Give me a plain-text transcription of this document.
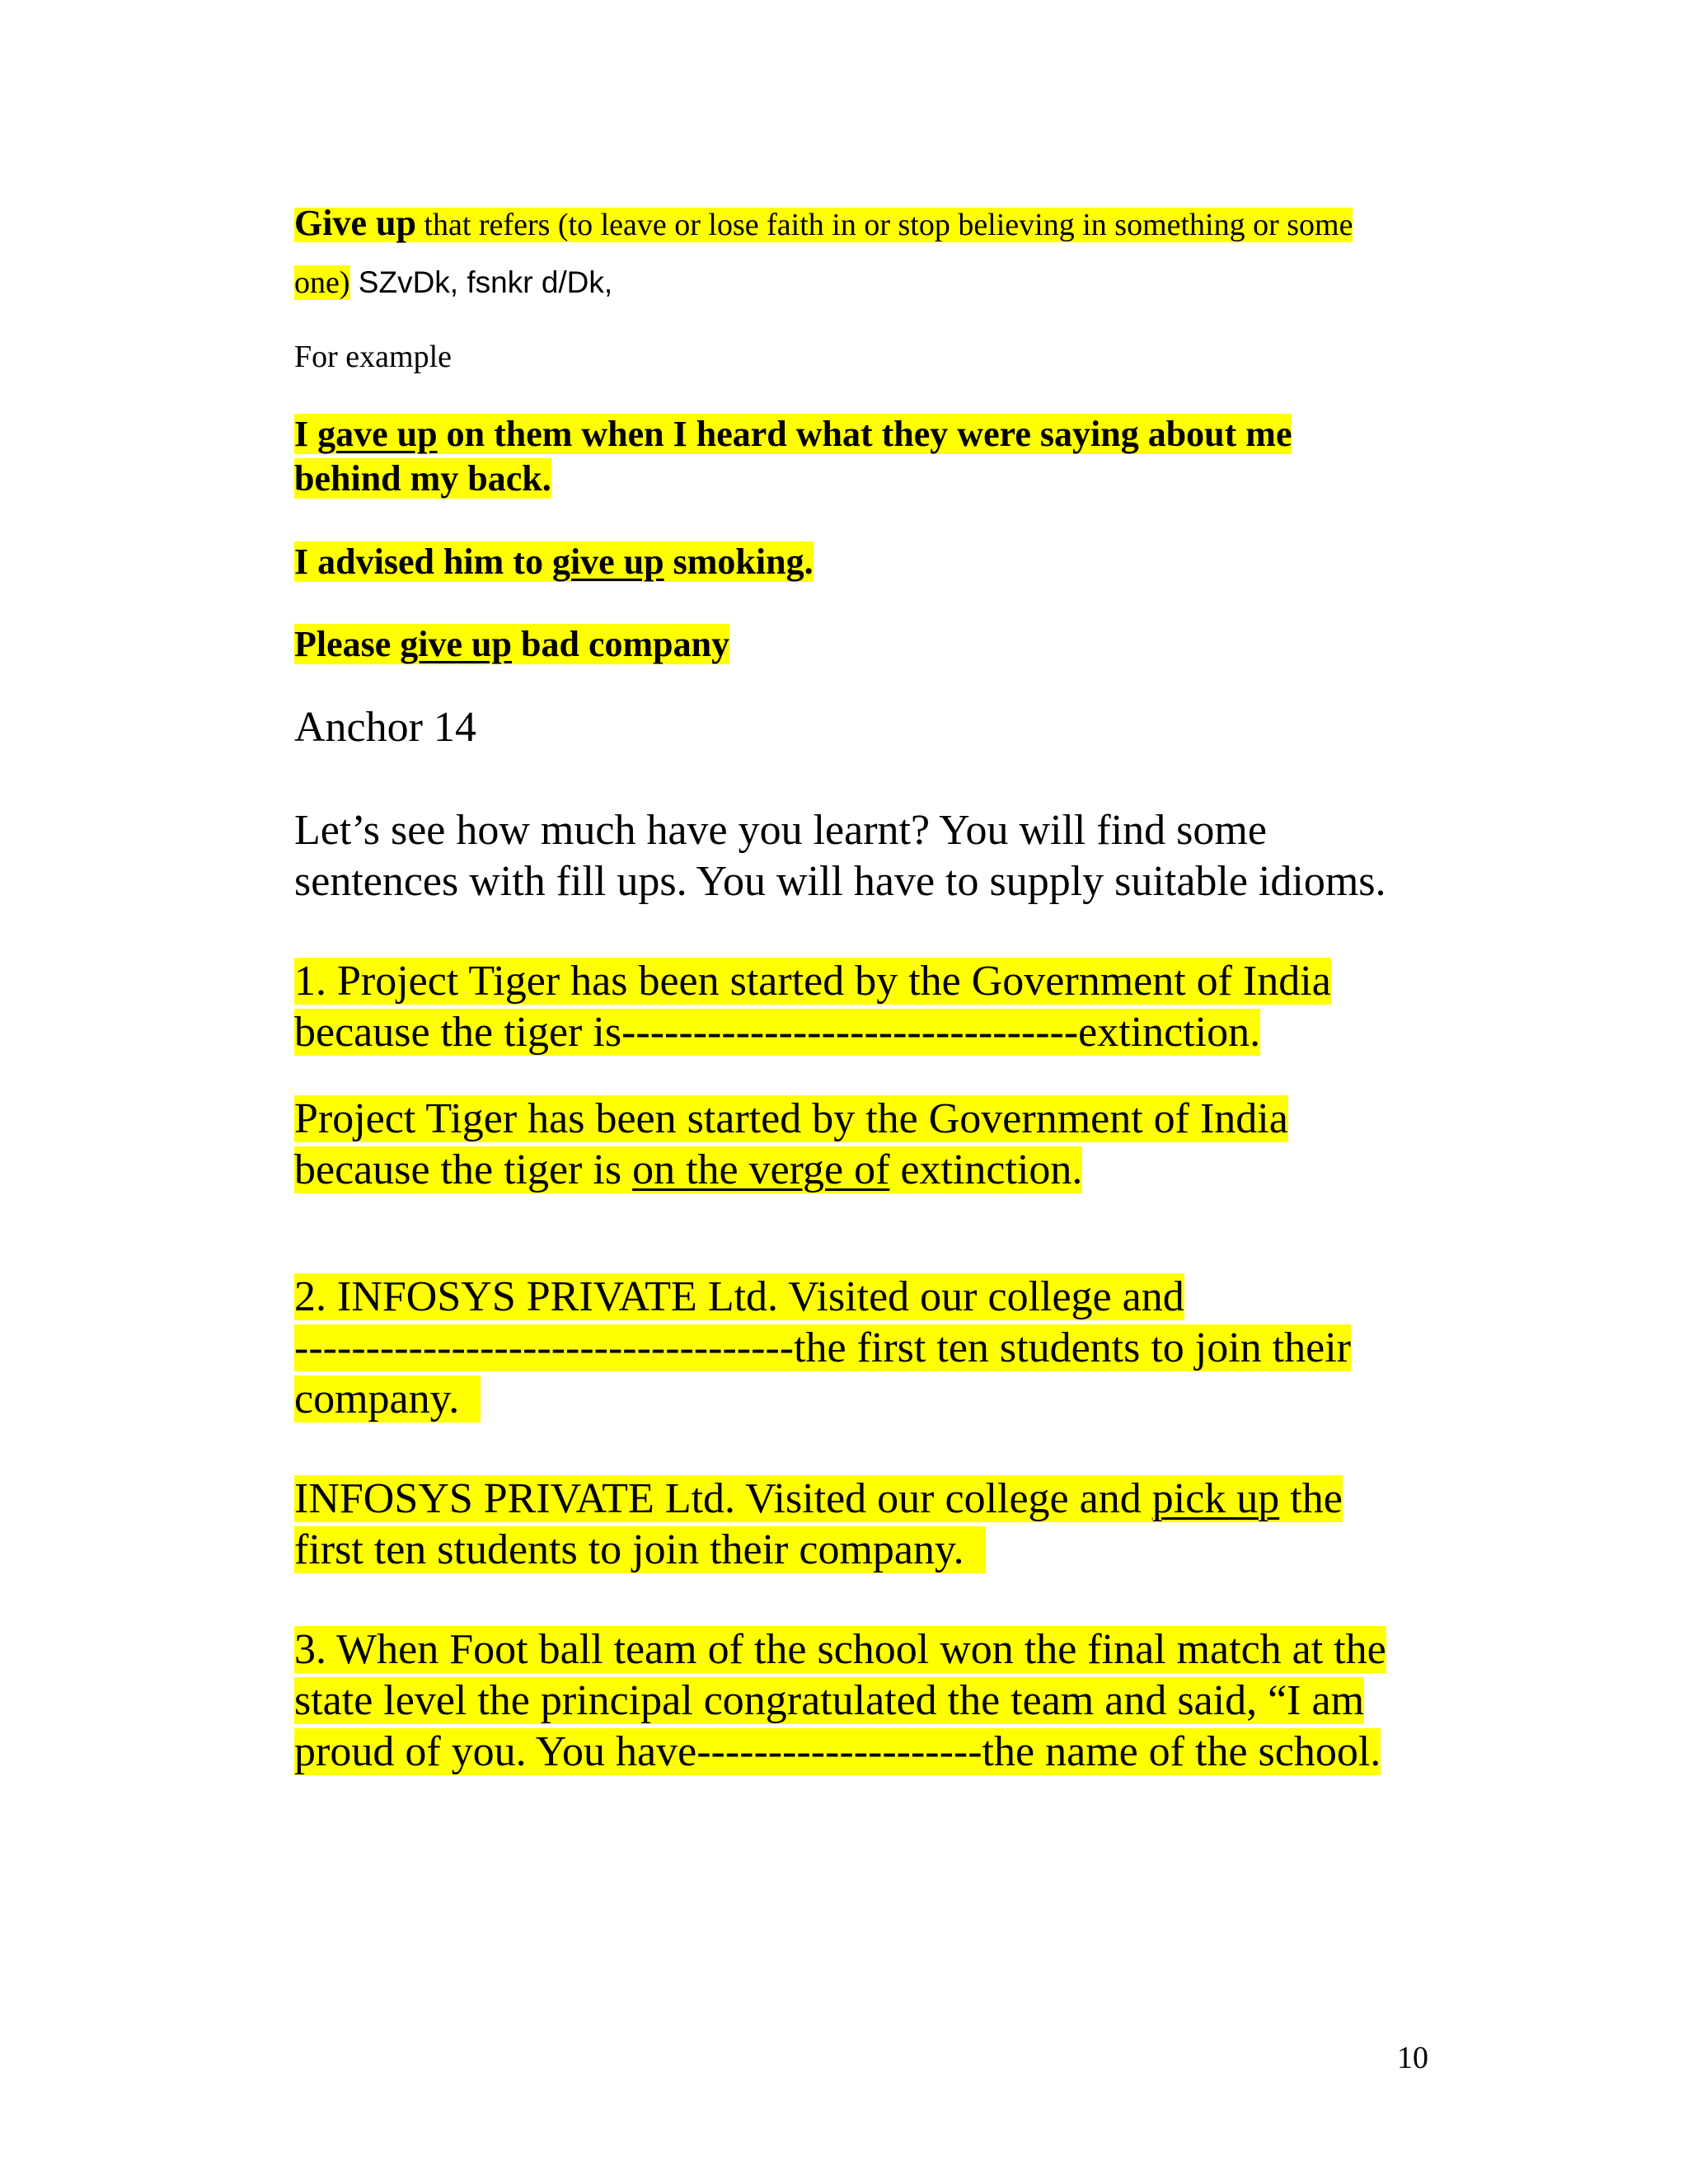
Give up that refers (to leave or lose faith in or stop believing in something or some
one) SZvDk, fsnkr d/Dk,
For example
I gave up on them when I heard what they were saying about me
behind my back.
I advised him to give up smoking.
Please give up bad company
Anchor 14
Let’s see how much have you learnt? You will find some
sentences with fill ups. You will have to supply suitable idioms.
1. Project Tiger has been started by the Government of India
because the tiger is--------------------------------extinction.
Project Tiger has been started by the Government of India
because the tiger is on the verge of extinction.
2. INFOSYS PRIVATE Ltd. Visited our college and
-----------------------------------the first ten students to join their
company.
INFOSYS PRIVATE Ltd. Visited our college and pick up the
first ten students to join their company.
3. When Foot ball team of the school won the final match at the
state level the principal congratulated the team and said, “I am
proud of you. You have--------------------the name of the school.
10
